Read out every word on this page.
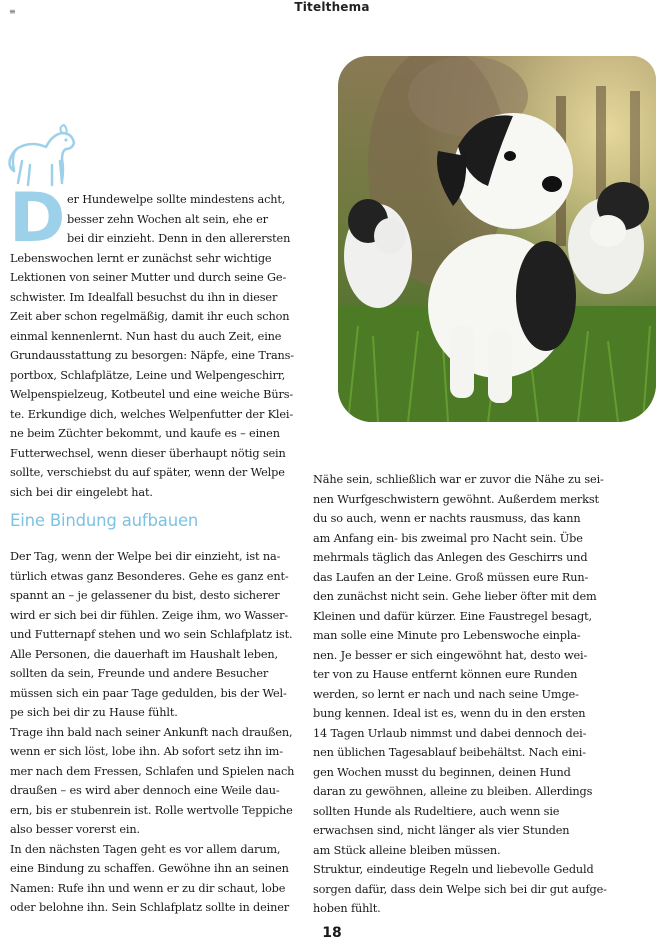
≡	Titelthema
D er Hundewelpe sollte mindestens acht,

besser zehn Wochen alt sein, ehe er

bei dir einzieht. Denn in den allerersten

Lebenswochen lernt er zunächst sehr wichtige

Lektionen von seiner Mutter und durch seine Ge-

schwister. Im Idealfall besuchst du ihn in dieser

Zeit aber schon regelmäßig, damit ihr euch schon

einmal kennenlernt. Nun hast du auch Zeit, eine

Grundausstattung zu besorgen: Näpfe, eine Trans-

portbox, Schlafplätze, Leine und Welpengeschirr,

Welpenspielzeug, Kotbeutel und eine weiche Bürs-

te. Erkundige dich, welches Welpenfutter der Klei-

ne beim Züchter bekommt, und kaufe es – einen

Futterwechsel, wenn dieser überhaupt nötig sein

sollte, verschiebst du auf später, wenn der Welpe

sich bei dir eingelebt hat.

Eine Bindung aufbauen

Der Tag, wenn der Welpe bei dir einzieht, ist na-

türlich etwas ganz Besonderes. Gehe es ganz ent-

spannt an – je gelassener du bist, desto sicherer

wird er sich bei dir fühlen. Zeige ihm, wo Wasser-

und Futternapf stehen und wo sein Schlafplatz ist.

Alle Personen, die dauerhaft im Haushalt leben,

sollten da sein, Freunde und andere Besucher

müssen sich ein paar Tage gedulden, bis der Wel-

pe sich bei dir zu Hause fühlt.

Trage ihn bald nach seiner Ankunft nach draußen,

wenn er sich löst, lobe ihn. Ab sofort setz ihn im-

mer nach dem Fressen, Schlafen und Spielen nach

draußen – es wird aber dennoch eine Weile dau-

ern, bis er stubenrein ist. Rolle wertvolle Teppiche

also besser vorerst ein.

In den nächsten Tagen geht es vor allem darum,

eine Bindung zu schaffen. Gewöhne ihn an seinen

Namen: Rufe ihn und wenn er zu dir schaut, lobe

oder belohne ihn. Sein Schlafplatz sollte in deiner

Nähe sein, schließlich war er zuvor die Nähe zu sei-

nen Wurfgeschwistern gewöhnt. Außerdem merkst

du so auch, wenn er nachts rausmuss, das kann

am Anfang ein- bis zweimal pro Nacht sein. Übe

mehrmals täglich das Anlegen des Geschirrs und

das Laufen an der Leine. Groß müssen eure Run-

den zunächst nicht sein. Gehe lieber öfter mit dem

Kleinen und dafür kürzer. Eine Faustregel besagt,

man solle eine Minute pro Lebenswoche einpla-

nen. Je besser er sich eingewöhnt hat, desto wei-

ter von zu Hause entfernt können eure Runden

werden, so lernt er nach und nach seine Umge-

bung kennen. Ideal ist es, wenn du in den ersten

14 Tagen Urlaub nimmst und dabei dennoch dei-

nen üblichen Tagesablauf beibehältst. Nach eini-

gen Wochen musst du beginnen, deinen Hund

daran zu gewöhnen, alleine zu bleiben. Allerdings

sollten Hunde als Rudeltiere, auch wenn sie

erwachsen sind, nicht länger als vier Stunden

am Stück alleine bleiben müssen.

Struktur, eindeutige Regeln und liebevolle Geduld

sorgen dafür, dass dein Welpe sich bei dir gut aufge-

hoben fühlt.

18
